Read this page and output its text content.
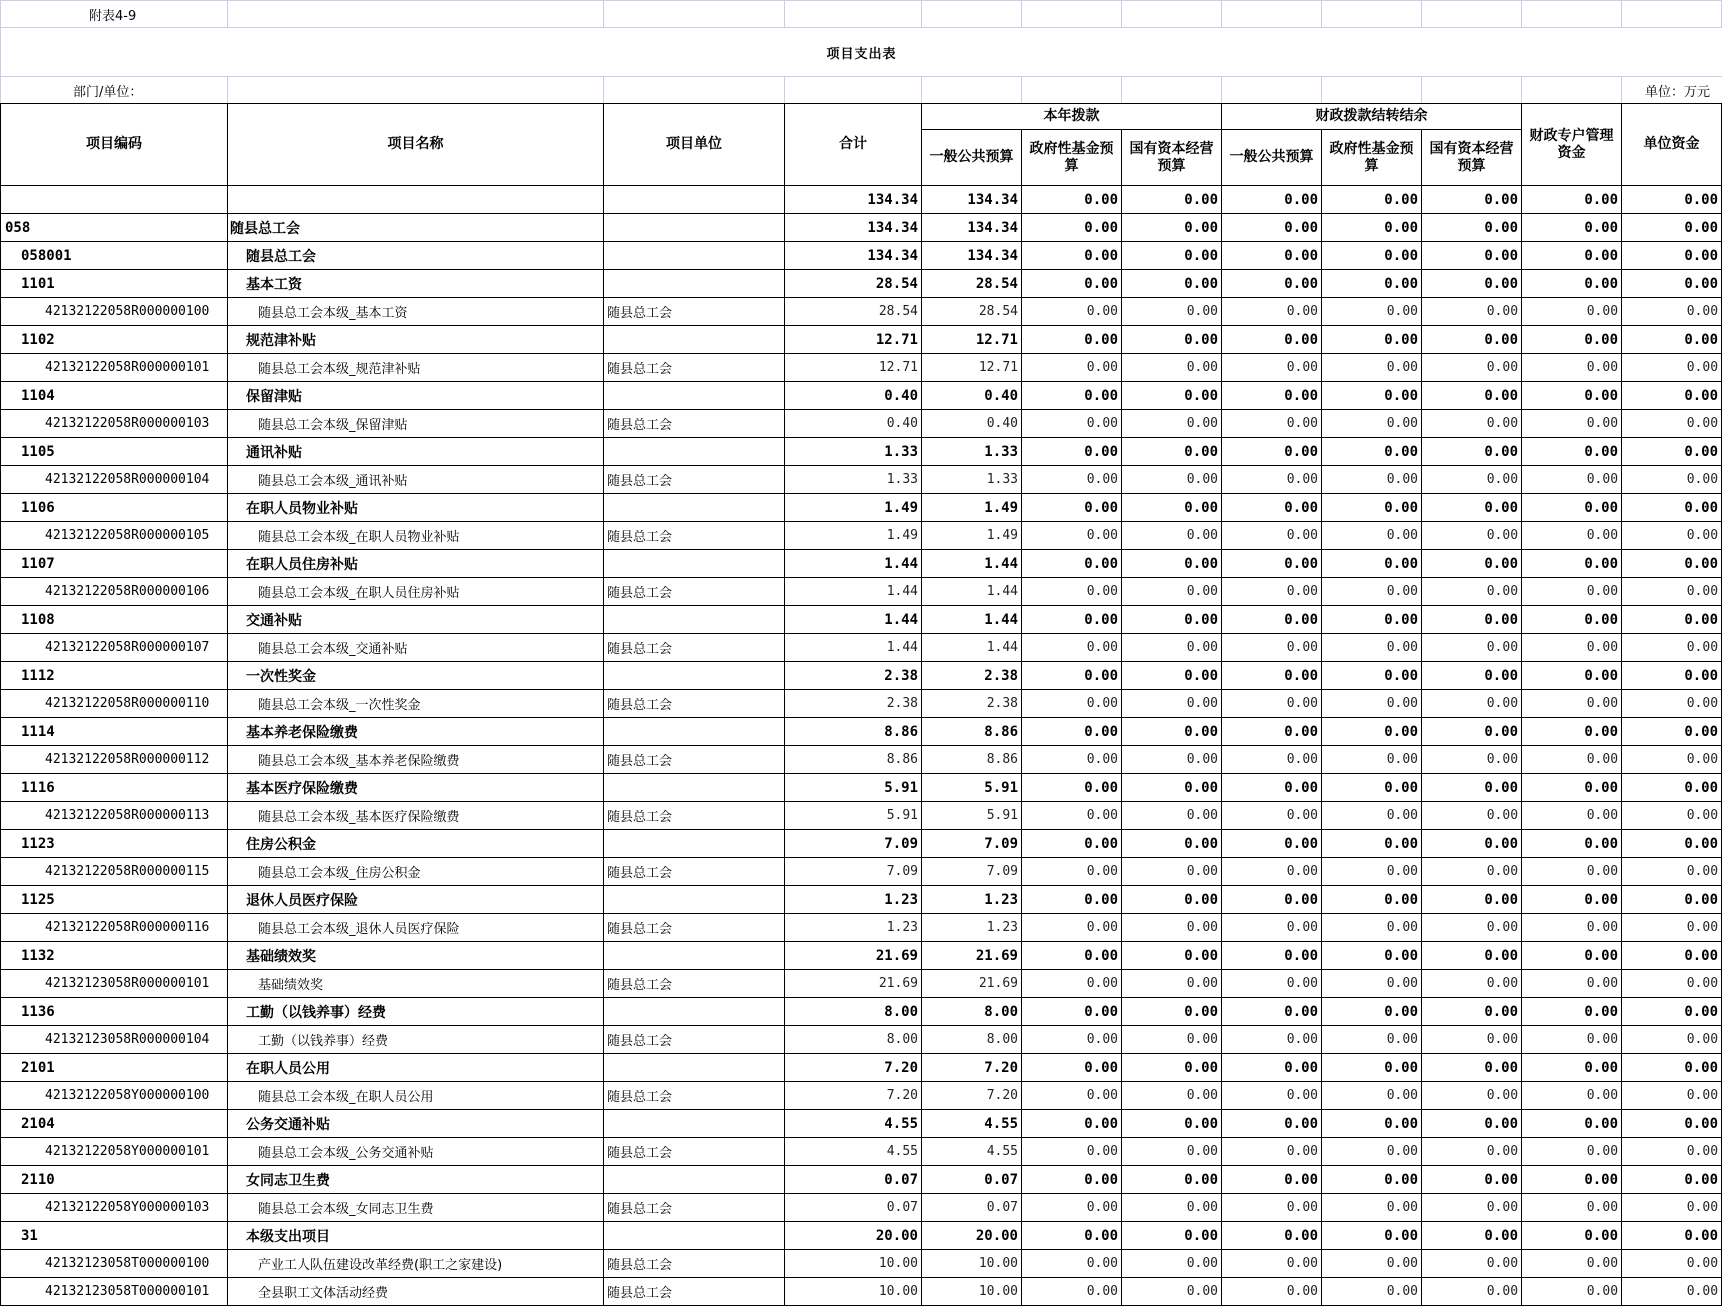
附表4-9												
项目支出表												
部门/单位：											单位：万元	
项目编码	项目名称	项目单位	合计	本年拨款			财政拨款结转结余			财政专户管理资金	单位资金
				一般公共预算	政府性基金预算	国有资本经营预算	一般公共预算	政府性基金预算	国有资本经营预算		
			134.34	134.34	0.00	0.00	0.00	0.00	0.00	0.00	0.00
058	随县总工会		134.34	134.34	0.00	0.00	0.00	0.00	0.00	0.00	0.00
058001	随县总工会		134.34	134.34	0.00	0.00	0.00	0.00	0.00	0.00	0.00
1101	基本工资		28.54	28.54	0.00	0.00	0.00	0.00	0.00	0.00	0.00
42132122058R000000100	随县总工会本级_基本工资	随县总工会	28.54	28.54	0.00	0.00	0.00	0.00	0.00	0.00	0.00
1102	规范津补贴		12.71	12.71	0.00	0.00	0.00	0.00	0.00	0.00	0.00
42132122058R000000101	随县总工会本级_规范津补贴	随县总工会	12.71	12.71	0.00	0.00	0.00	0.00	0.00	0.00	0.00
1104	保留津贴		0.40	0.40	0.00	0.00	0.00	0.00	0.00	0.00	0.00
42132122058R000000103	随县总工会本级_保留津贴	随县总工会	0.40	0.40	0.00	0.00	0.00	0.00	0.00	0.00	0.00
1105	通讯补贴		1.33	1.33	0.00	0.00	0.00	0.00	0.00	0.00	0.00
42132122058R000000104	随县总工会本级_通讯补贴	随县总工会	1.33	1.33	0.00	0.00	0.00	0.00	0.00	0.00	0.00
1106	在职人员物业补贴		1.49	1.49	0.00	0.00	0.00	0.00	0.00	0.00	0.00
42132122058R000000105	随县总工会本级_在职人员物业补贴	随县总工会	1.49	1.49	0.00	0.00	0.00	0.00	0.00	0.00	0.00
1107	在职人员住房补贴		1.44	1.44	0.00	0.00	0.00	0.00	0.00	0.00	0.00
42132122058R000000106	随县总工会本级_在职人员住房补贴	随县总工会	1.44	1.44	0.00	0.00	0.00	0.00	0.00	0.00	0.00
1108	交通补贴		1.44	1.44	0.00	0.00	0.00	0.00	0.00	0.00	0.00
42132122058R000000107	随县总工会本级_交通补贴	随县总工会	1.44	1.44	0.00	0.00	0.00	0.00	0.00	0.00	0.00
1112	一次性奖金		2.38	2.38	0.00	0.00	0.00	0.00	0.00	0.00	0.00
42132122058R000000110	随县总工会本级_一次性奖金	随县总工会	2.38	2.38	0.00	0.00	0.00	0.00	0.00	0.00	0.00
1114	基本养老保险缴费		8.86	8.86	0.00	0.00	0.00	0.00	0.00	0.00	0.00
42132122058R000000112	随县总工会本级_基本养老保险缴费	随县总工会	8.86	8.86	0.00	0.00	0.00	0.00	0.00	0.00	0.00
1116	基本医疗保险缴费		5.91	5.91	0.00	0.00	0.00	0.00	0.00	0.00	0.00
42132122058R000000113	随县总工会本级_基本医疗保险缴费	随县总工会	5.91	5.91	0.00	0.00	0.00	0.00	0.00	0.00	0.00
1123	住房公积金		7.09	7.09	0.00	0.00	0.00	0.00	0.00	0.00	0.00
42132122058R000000115	随县总工会本级_住房公积金	随县总工会	7.09	7.09	0.00	0.00	0.00	0.00	0.00	0.00	0.00
1125	退休人员医疗保险		1.23	1.23	0.00	0.00	0.00	0.00	0.00	0.00	0.00
42132122058R000000116	随县总工会本级_退休人员医疗保险	随县总工会	1.23	1.23	0.00	0.00	0.00	0.00	0.00	0.00	0.00
1132	基础绩效奖		21.69	21.69	0.00	0.00	0.00	0.00	0.00	0.00	0.00
42132123058R000000101	基础绩效奖	随县总工会	21.69	21.69	0.00	0.00	0.00	0.00	0.00	0.00	0.00
1136	工勤（以钱养事）经费		8.00	8.00	0.00	0.00	0.00	0.00	0.00	0.00	0.00
42132123058R000000104	工勤（以钱养事）经费	随县总工会	8.00	8.00	0.00	0.00	0.00	0.00	0.00	0.00	0.00
2101	在职人员公用		7.20	7.20	0.00	0.00	0.00	0.00	0.00	0.00	0.00
42132122058Y000000100	随县总工会本级_在职人员公用	随县总工会	7.20	7.20	0.00	0.00	0.00	0.00	0.00	0.00	0.00
2104	公务交通补贴		4.55	4.55	0.00	0.00	0.00	0.00	0.00	0.00	0.00
42132122058Y000000101	随县总工会本级_公务交通补贴	随县总工会	4.55	4.55	0.00	0.00	0.00	0.00	0.00	0.00	0.00
2110	女同志卫生费		0.07	0.07	0.00	0.00	0.00	0.00	0.00	0.00	0.00
42132122058Y000000103	随县总工会本级_女同志卫生费	随县总工会	0.07	0.07	0.00	0.00	0.00	0.00	0.00	0.00	0.00
31	本级支出项目		20.00	20.00	0.00	0.00	0.00	0.00	0.00	0.00	0.00
42132123058T000000100	产业工人队伍建设改革经费(职工之家建设)	随县总工会	10.00	10.00	0.00	0.00	0.00	0.00	0.00	0.00	0.00
42132123058T000000101	全县职工文体活动经费	随县总工会	10.00	10.00	0.00	0.00	0.00	0.00	0.00	0.00	0.00
